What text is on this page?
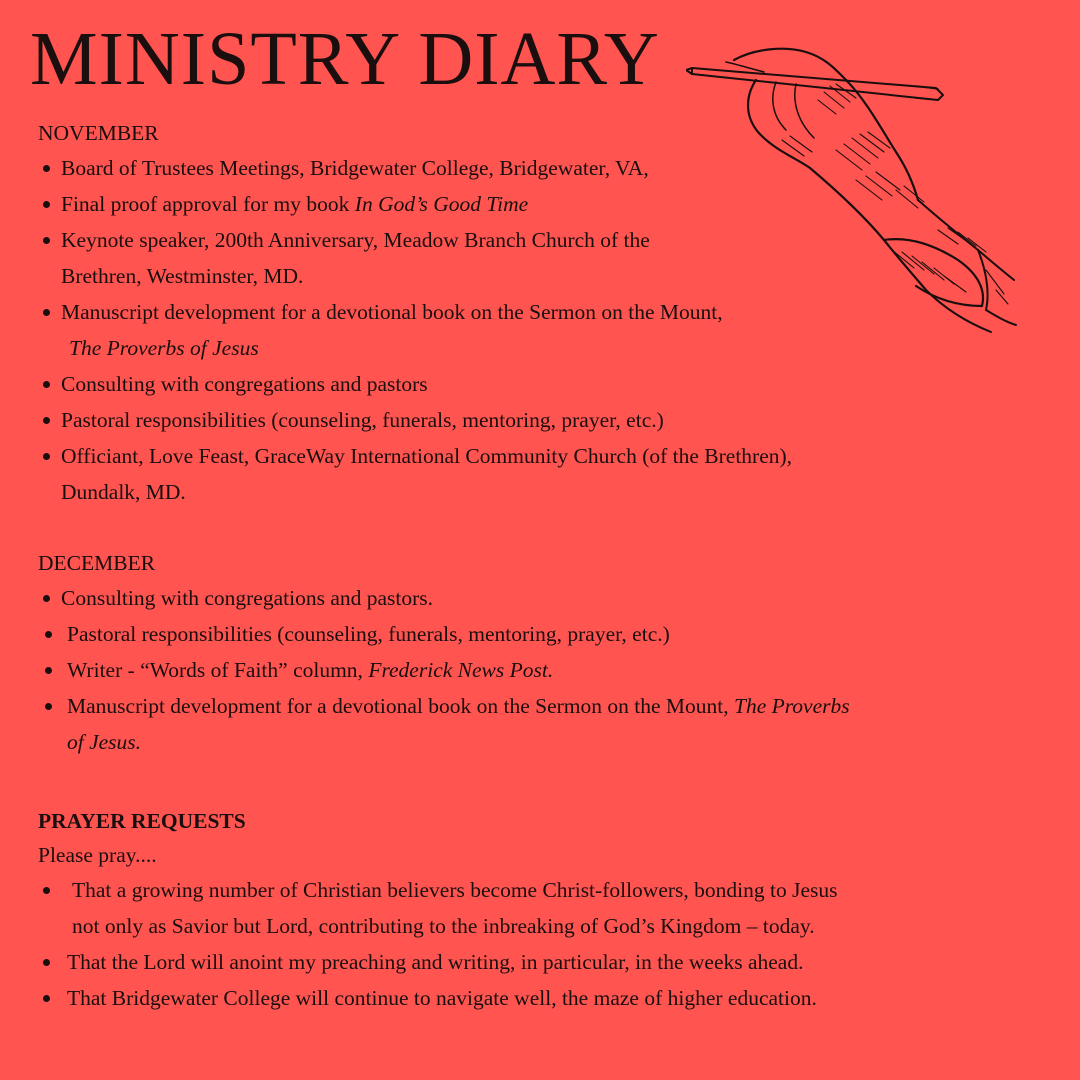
MINISTRY DIARY
NOVEMBER
Board of Trustees Meetings, Bridgewater College, Bridgewater, VA,
Final proof approval for my book In God’s Good Time
Keynote speaker, 200th Anniversary, Meadow Branch Church of the
Brethren, Westminster, MD.
Manuscript development for a devotional book on the Sermon on the Mount,
The Proverbs of Jesus
Consulting with congregations and pastors
Pastoral responsibilities (counseling, funerals, mentoring, prayer, etc.)
Officiant, Love Feast, GraceWay International Community Church (of the Brethren),
Dundalk, MD.
DECEMBER
Consulting with congregations and pastors.
Pastoral responsibilities (counseling, funerals, mentoring, prayer, etc.)
Writer - “Words of Faith” column, Frederick News Post.
Manuscript development for a devotional book on the Sermon on the Mount, The Proverbs
of Jesus.
PRAYER REQUESTS
Please pray....
That a growing number of Christian believers become Christ-followers, bonding to Jesus
not only as Savior but Lord, contributing to the inbreaking of God’s Kingdom – today.
That the Lord will anoint my preaching and writing, in particular, in the weeks ahead.
That Bridgewater College will continue to navigate well, the maze of higher education.
